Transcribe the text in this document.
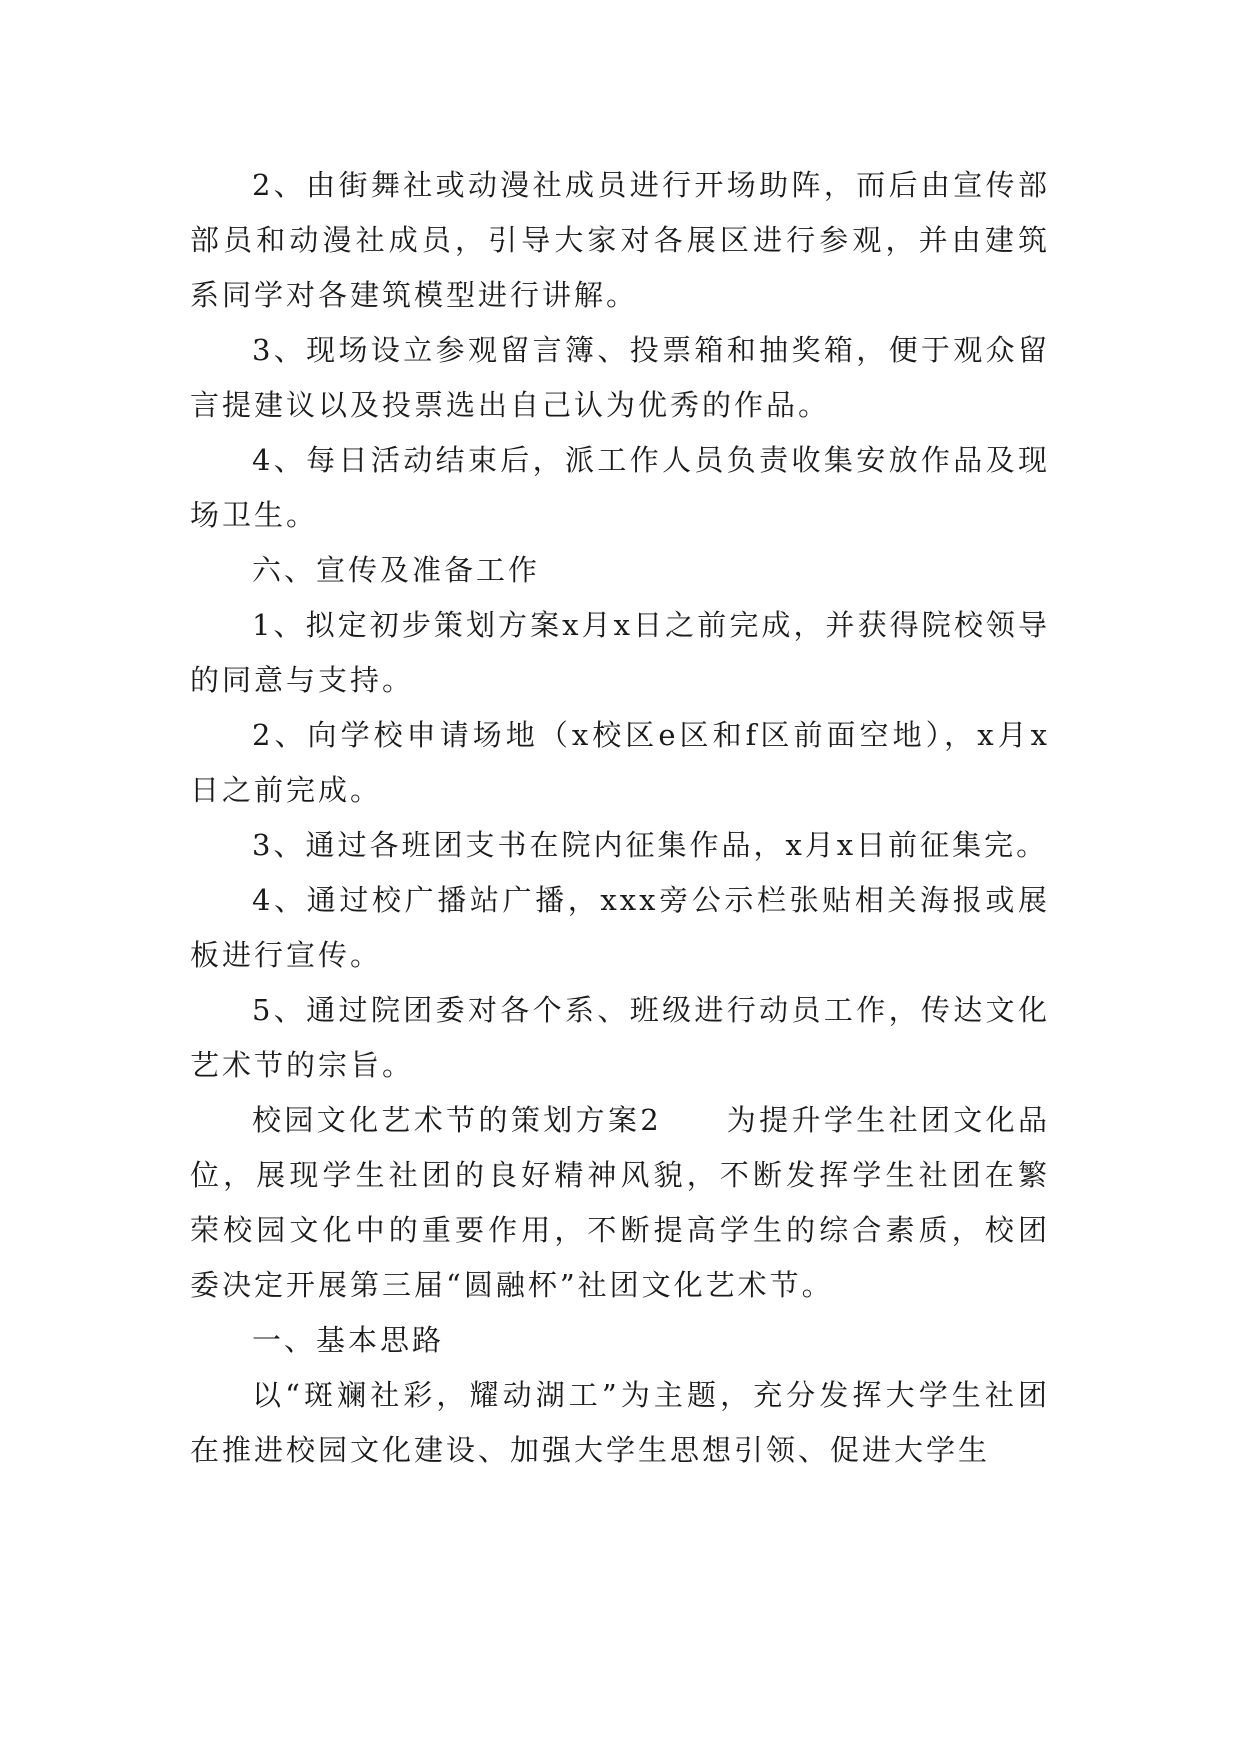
2、由街舞社或动漫社成员进行开场助阵，而后由宣传部部员和动漫社成员，引导大家对各展区进行参观，并由建筑系同学对各建筑模型进行讲解。

3、现场设立参观留言簿、投票箱和抽奖箱，便于观众留言提建议以及投票选出自己认为优秀的作品。

4、每日活动结束后，派工作人员负责收集安放作品及现场卫生。

六、宣传及准备工作

1、拟定初步策划方案x月x日之前完成，并获得院校领导的同意与支持。

2、向学校申请场地（x校区e区和f区前面空地），x月x日之前完成。

3、通过各班团支书在院内征集作品，x月x日前征集完。

4、通过校广播站广播，xxx旁公示栏张贴相关海报或展板进行宣传。

5、通过院团委对各个系、班级进行动员工作，传达文化艺术节的宗旨。

校园文化艺术节的策划方案2　　为提升学生社团文化品位，展现学生社团的良好精神风貌，不断发挥学生社团在繁荣校园文化中的重要作用，不断提高学生的综合素质，校团委决定开展第三届“圆融杯”社团文化艺术节。

一、基本思路

以“斑斓社彩，耀动湖工”为主题，充分发挥大学生社团在推进校园文化建设、加强大学生思想引领、促进大学生
